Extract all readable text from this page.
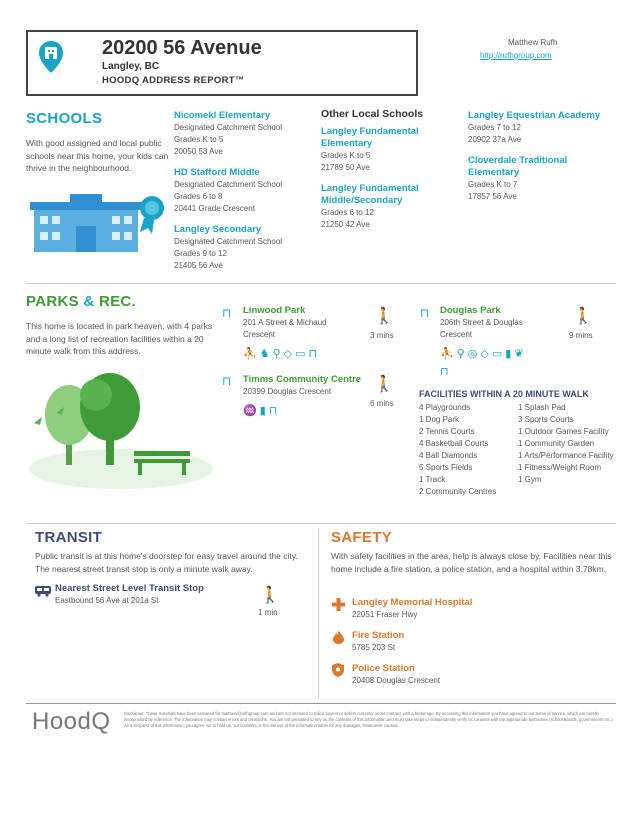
20200 56 Avenue
Langley, BC
HOODQ ADDRESS REPORT™
Matthew Rufh
http://rufhgroup.com
SCHOOLS
With good assigned and local public schools near this home, your kids can thrive in the neighbourhood.
Nicomekl Elementary
Designated Catchment School
Grades K to 5
20050 53 Ave
HD Stafford Middle
Designated Catchment School
Grades 6 to 8
20441 Grade Crescent
Langley Secondary
Designated Catchment School
Grades 9 to 12
21405 56 Ave
Other Local Schools
Langley Fundamental Elementary
Grades K to 5
21789 50 Ave
Langley Fundamental Middle/Secondary
Grades 6 to 12
21250 42 Ave
Langley Equestrian Academy
Grades 7 to 12
20902 37a Ave
Cloverdale Traditional Elementary
Grades K to 7
17857 56 Ave
PARKS & REC.
This home is located in park heaven, with 4 parks and a long list of recreation facilities within a 20 minute walk from this address.
⊓ Linwood Park
201 A Street & Michaud Crescent
⛹ ♞ ⚲ ◇ ▭ ⊓
🚶
3 mins
⊓ Douglas Park
206th Street & Douglas Crescent
⛹ ⚲ ◎ ◇ ▭ ▮ ❦
⊓
🚶
9 mins
⊓ Timms Community Centre
20399 Douglas Crescent
♒ ▮ ⊓
🚶
6 mins
FACILITIES WITHIN A 20 MINUTE WALK
4 Playgrounds
1 Dog Park
2 Tennis Courts
4 Basketball Courts
4 Ball Diamonds
5 Sports Fields
1 Track
2 Community Centres
1 Splash Pad
3 Sports Courts
1 Outdoor Games Facility
1 Community Garden
1 Arts/Performance Facility
1 Fitness/Weight Room
1 Gym
TRANSIT
Public transit is at this home's doorstep for easy travel around the city. The nearest street transit stop is only a minute walk away.
Nearest Street Level Transit Stop
Eastbound 56 Ave at 201a St	🚶
1 min
SAFETY
With safety facilities in the area, help is always close by. Facilities near this home include a fire station, a police station, and a hospital within 3.78km.
Langley Memorial Hospital
22051 Fraser Hwy
Fire Station
5785 203 St
Police Station
20408 Douglas Crescent
HoodQ	Disclaimer: These materials have been prepared for matthew@rufhgroup.com and are not intended to solicit buyers or sellers currently under contract with a brokerage. By accessing this information you have agreed to our terms of service, which are hereby incorporated by reference. The information may contain errors and omissions. You are not permitted to rely on the contents of this information and must take steps to independently verify its contents with the appropriate authorities (school boards, governments etc.). As a recipient of this information, you agree not to hold us, our licensors or the owners of the information liable for any damages, howsoever caused.
